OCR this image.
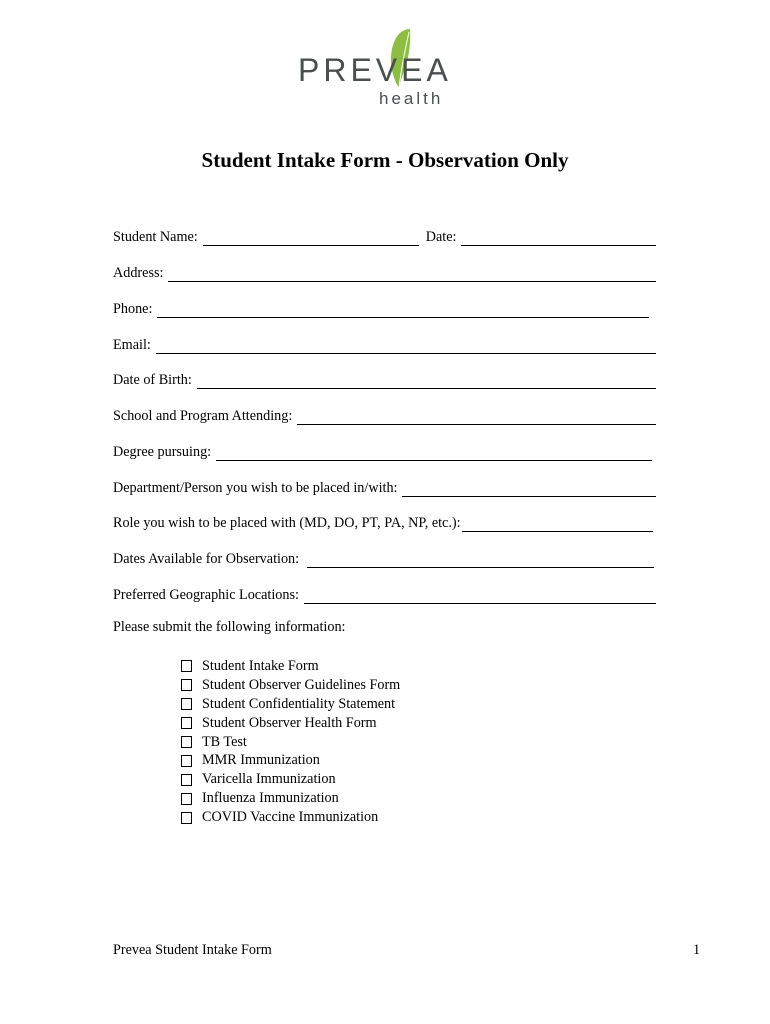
PREVEA
health
Student Intake Form - Observation Only
Student Name:	Date:
Address:
Phone:
Email:
Date of Birth:
School and Program Attending:
Degree pursuing:
Department/Person you wish to be placed in/with:
Role you wish to be placed with (MD, DO, PT, PA, NP, etc.):
Dates Available for Observation:
Preferred Geographic Locations:
Please submit the following information:
Student Intake Form
Student Observer Guidelines Form
Student Confidentiality Statement
Student Observer Health Form
TB Test
MMR Immunization
Varicella Immunization
Influenza Immunization
COVID Vaccine Immunization
Prevea Student Intake Form	1
